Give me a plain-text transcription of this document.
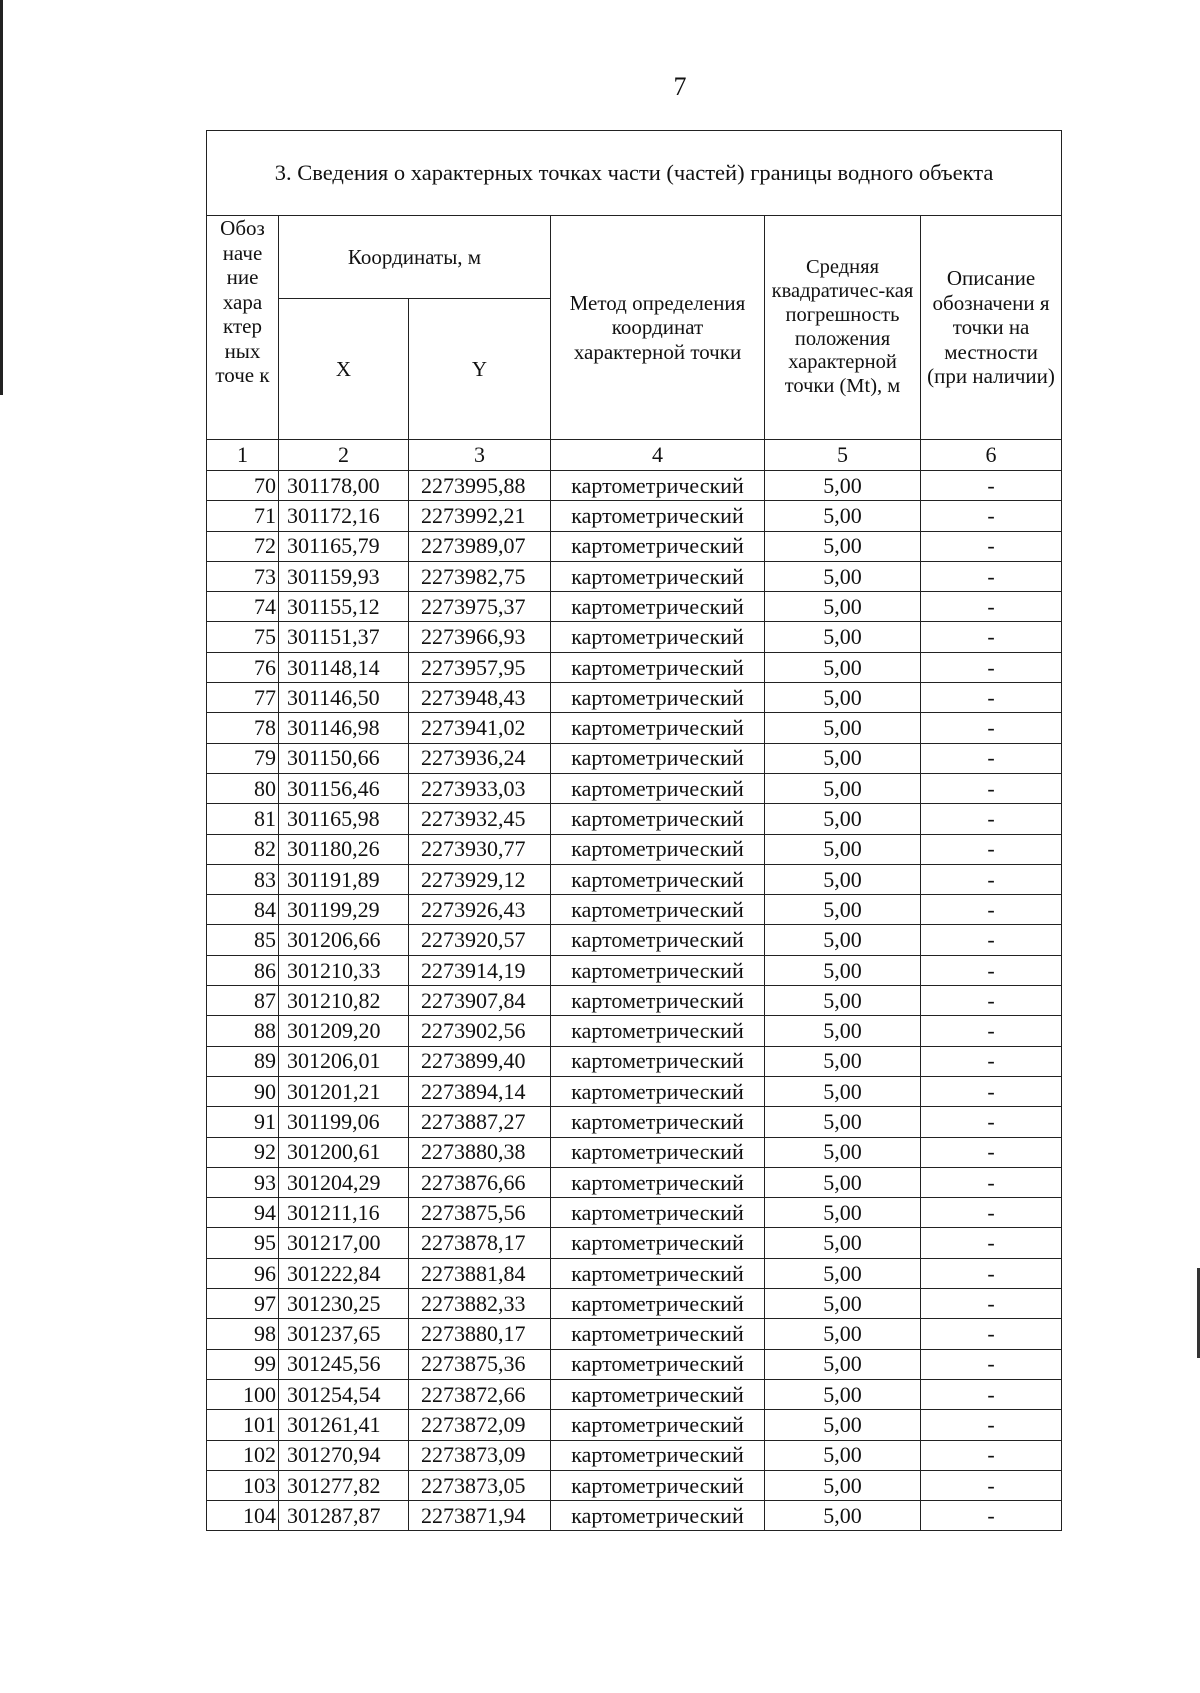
7
3. Сведения о характерных точках части (частей) границы водного объекта					
Обоз наче ние хара ктер ных точе к	Координаты, м		Метод определения координат характерной точки	Средняя квадратичес-кая погрешность положения характерной точки (Mt), м	Описание обозначени я точки на местности (при наличии)
	X	Y			
1	2	3	4	5	6
70	301178,00	2273995,88	картометрический	5,00	-
71	301172,16	2273992,21	картометрический	5,00	-
72	301165,79	2273989,07	картометрический	5,00	-
73	301159,93	2273982,75	картометрический	5,00	-
74	301155,12	2273975,37	картометрический	5,00	-
75	301151,37	2273966,93	картометрический	5,00	-
76	301148,14	2273957,95	картометрический	5,00	-
77	301146,50	2273948,43	картометрический	5,00	-
78	301146,98	2273941,02	картометрический	5,00	-
79	301150,66	2273936,24	картометрический	5,00	-
80	301156,46	2273933,03	картометрический	5,00	-
81	301165,98	2273932,45	картометрический	5,00	-
82	301180,26	2273930,77	картометрический	5,00	-
83	301191,89	2273929,12	картометрический	5,00	-
84	301199,29	2273926,43	картометрический	5,00	-
85	301206,66	2273920,57	картометрический	5,00	-
86	301210,33	2273914,19	картометрический	5,00	-
87	301210,82	2273907,84	картометрический	5,00	-
88	301209,20	2273902,56	картометрический	5,00	-
89	301206,01	2273899,40	картометрический	5,00	-
90	301201,21	2273894,14	картометрический	5,00	-
91	301199,06	2273887,27	картометрический	5,00	-
92	301200,61	2273880,38	картометрический	5,00	-
93	301204,29	2273876,66	картометрический	5,00	-
94	301211,16	2273875,56	картометрический	5,00	-
95	301217,00	2273878,17	картометрический	5,00	-
96	301222,84	2273881,84	картометрический	5,00	-
97	301230,25	2273882,33	картометрический	5,00	-
98	301237,65	2273880,17	картометрический	5,00	-
99	301245,56	2273875,36	картометрический	5,00	-
100	301254,54	2273872,66	картометрический	5,00	-
101	301261,41	2273872,09	картометрический	5,00	-
102	301270,94	2273873,09	картометрический	5,00	-
103	301277,82	2273873,05	картометрический	5,00	-
104	301287,87	2273871,94	картометрический	5,00	-
